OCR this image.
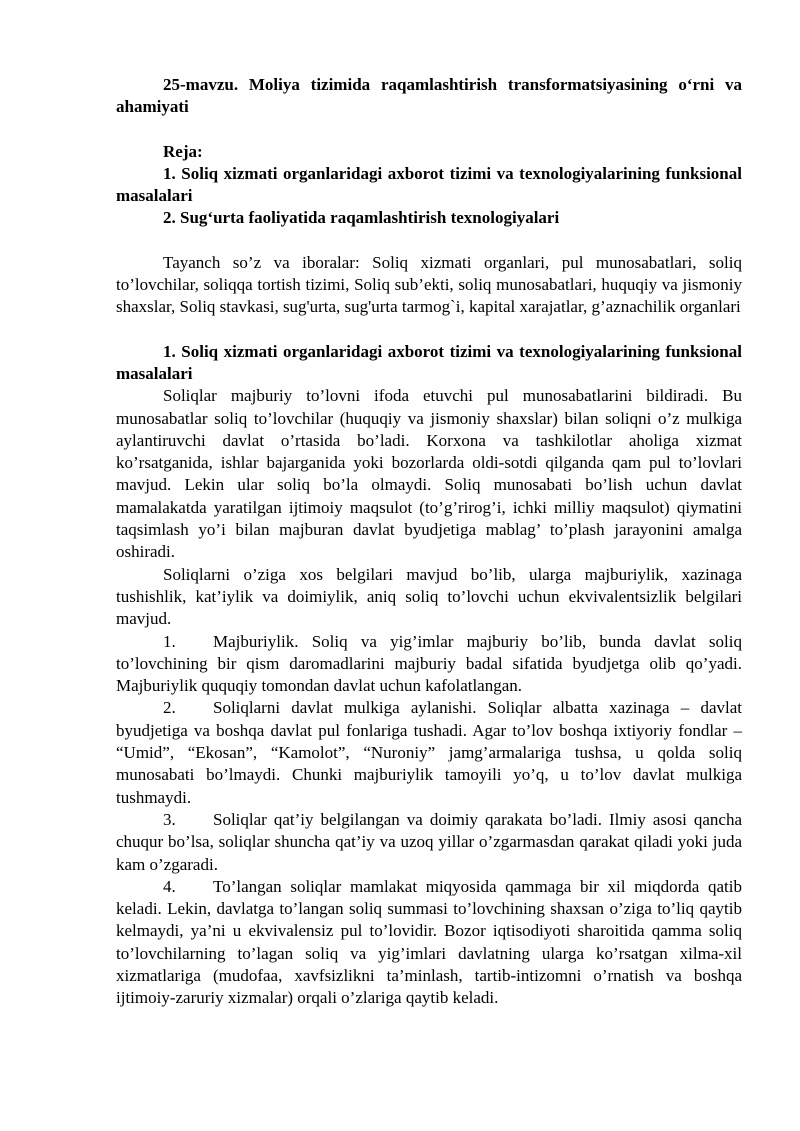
25-mavzu. Moliya tizimida raqamlashtirish transformatsiyasining o‘rni va ahamiyati

Reja:

1. Soliq xizmati organlaridagi axborot tizimi va texnologiyalarining funksional masalalari

2. Sug‘urta faoliyatida raqamlashtirish texnologiyalari

Tayanch so’z va iboralar: Soliq xizmati organlari, pul munosabatlari, soliq to’lovchilar, soliqqa tortish tizimi, Soliq sub’ekti, soliq munosabatlari, huquqiy va jismoniy shaxslar, Soliq stavkasi, sug'urta, sug'urta tarmog`i, kapital xarajatlar, g’aznachilik organlari

1. Soliq xizmati organlaridagi axborot tizimi va texnologiyalarining funksional masalalari

Soliqlar majburiy to’lovni ifoda etuvchi pul munosabatlarini bildiradi. Bu munosabatlar soliq to’lovchilar (huquqiy va jismoniy shaxslar) bilan soliqni o’z mulkiga aylantiruvchi davlat o’rtasida bo’ladi. Korxona va tashkilotlar aholiga xizmat ko’rsatganida, ishlar bajarganida yoki bozorlarda oldi-sotdi qilganda qam pul to’lovlari mavjud. Lekin ular soliq bo’la olmaydi. Soliq munosabati bo’lish uchun davlat mamalakatda yaratilgan ijtimoiy maqsulot (to’g’rirog’i, ichki milliy maqsulot) qiymatini taqsimlash yo’i bilan majburan davlat byudjetiga mablag’ to’plash jarayonini amalga oshiradi.

Soliqlarni o’ziga xos belgilari mavjud bo’lib, ularga majburiylik, xazinaga tushishlik, kat’iylik va doimiylik, aniq soliq to’lovchi uchun ekvivalentsizlik belgilari mavjud.

1. Majburiylik. Soliq va yig’imlar majburiy bo’lib, bunda davlat soliq to’lovchining bir qism daromadlarini majburiy badal sifatida byudjetga olib qo’yadi. Majburiylik ququqiy tomondan davlat uchun kafolatlangan.

2. Soliqlarni davlat mulkiga aylanishi. Soliqlar albatta xazinaga – davlat byudjetiga va boshqa davlat pul fonlariga tushadi. Agar to’lov boshqa ixtiyoriy fondlar – “Umid”, “Ekosan”, “Kamolot”, “Nuroniy” jamg’armalariga tushsa, u qolda soliq munosabati bo’lmaydi. Chunki majburiylik tamoyili yo’q, u to’lov davlat mulkiga tushmaydi.

3. Soliqlar qat’iy belgilangan va doimiy qarakata bo’ladi. Ilmiy asosi qancha chuqur bo’lsa, soliqlar shuncha qat’iy va uzoq yillar o’zgarmasdan qarakat qiladi yoki juda kam o’zgaradi.

4. To’langan soliqlar mamlakat miqyosida qammaga bir xil miqdorda qatib keladi. Lekin, davlatga to’langan soliq summasi to’lovchining shaxsan o’ziga to’liq qaytib kelmaydi, ya’ni u ekvivalensiz pul to’lovidir. Bozor iqtisodiyoti sharoitida qamma soliq to’lovchilarning to’lagan soliq va yig’imlari davlatning ularga ko’rsatgan xilma-xil xizmatlariga (mudofaa, xavfsizlikni ta’minlash, tartib-intizomni o’rnatish va boshqa ijtimoiy-zaruriy xizmalar) orqali o’zlariga qaytib keladi.
